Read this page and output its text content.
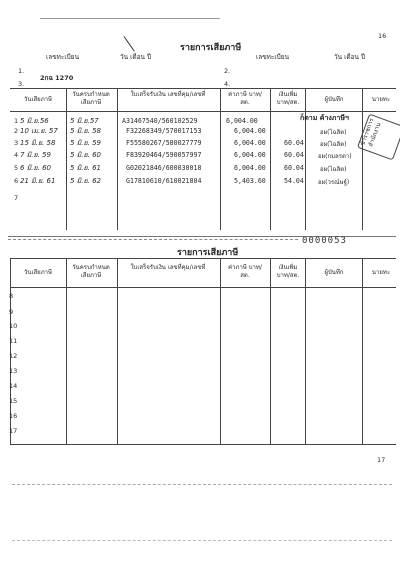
16
รายการเสียภาษี
เลขทะเบียน	วัน เดือน ปี	เลขทะเบียน	วัน เดือน ปี
1.
2กฉ 1270
2.
3.	4.
วันเสียภาษี
วันครบกำหนด เสียภาษี
ใบเสร็จรับเงิน เลขที่คุม/เลขที่	ค่าภาษี บาท/สต.
เงินเพิ่ม บาท/สต.	ผู้บันทึก	นายทะ
1 5 มิ.ย.56	5 มิ.ย.57	A31467540/560102529	6,004.00	ก็ตาม ค้างภาษีฯ	ข้าราชการ สำนักงาน
2 10 เม.ย. 57 5 มิ.ย. 58	F32268349/570017153	6,004.00	อผ(ไฉลิต)
3 15 มิ.ย. 58 5 มิ.ย. 59	F55580267/580027779	6,004.00	60.04	อผ(ไฉลิต)
4 7 มิ.ย. 59	5 มิ.ย. 60	F83920464/590057997	6,004.00	60.04 อผ(กมลรตา)
5 6 มิ.ย. 60	5 มิ.ย. 61	G02021846/600030018	6,004.00	60.04	อผ(ไฉลิต)
6 21 มิ.ย. 61 5 มิ.ย. 62	G17810610/610021804	5,403.60	54.04 อผ(วรณ์ษฐ์)
7
0000053
รายการเสียภาษี
วันเสียภาษี
วันครบกำหนด เสียภาษี
ใบเสร็จรับเงิน เลขที่คุม/เลขที่	ค่าภาษี บาท/สต.
เงินเพิ่ม บาท/สต.	ผู้บันทึก	นายทะ
8
9
10
11
12
13
14
15
16
17
17
